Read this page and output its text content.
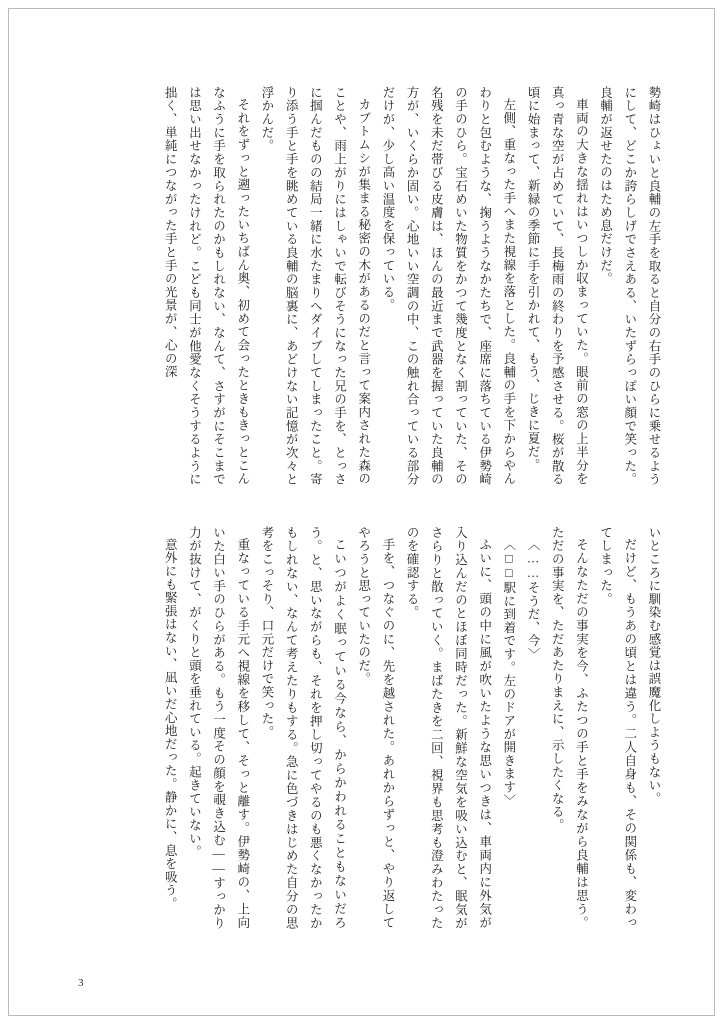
勢崎はひょいと良輔の左手を取ると自分の右手のひらに乗せるようにして、どこか誇らしげでさえある、いたずらっぽい顔で笑った。良輔が返せたのはため息だけだ。

車両の大きな揺れはいつしか収まっていた。眼前の窓の上半分を真っ青な空が占めていて、長梅雨の終わりを予感させる。桜が散る頃に始まって、新緑の季節に手を引かれて、もう、じきに夏だ。

左側、重なった手へまた視線を落とした。良輔の手を下からやんわりと包むような、掬うようなかたちで、座席に落ちている伊勢崎の手のひら。宝石めいた物質をかつて幾度となく割っていた、その名残を未だ帯びる皮膚は、ほんの最近まで武器を握っていた良輔の方が、いくらか固い。心地いい空調の中、この触れ合っている部分だけが、少し高い温度を保っている。

カブトムシが集まる秘密の木があるのだと言って案内された森のことや、雨上がりにはしゃいで転びそうになった兄の手を、とっさに掴んだものの結局一緒に水たまりへダイブしてしまったこと。寄り添う手と手を眺めている良輔の脳裏に、あどけない記憶が次々と浮かんだ。

それをずっと遡ったいちばん奥、初めて会ったときもきっとこんなふうに手を取られたのかもしれない、なんて、さすがにそこまでは思い出せなかったけれど。こども同士が他愛なくそうするように拙く、単純につながった手と手の光景が、心の深

いところに馴染む感覚は誤魔化しようもない。

だけど、もうあの頃とは違う。二人自身も、その関係も、変わってしまった。

そんなただの事実を今、ふたつの手と手をみながら良輔は思う。ただの事実を、ただあたりまえに、示したくなる。

〈……そうだ、今〉

〈□□駅に到着です。左のドアが開きます〉

ふいに、頭の中に風が吹いたような思いつきは、車両内に外気が入り込んだのとほぼ同時だった。新鮮な空気を吸い込むと、眠気がさらりと散っていく。まばたきを二回、視界も思考も澄みわたったのを確認する。

手を、つなぐのに、先を越された。あれからずっと、やり返してやろうと思っていたのだ。

こいつがよく眠っている今なら、からかわれることもないだろう。と、思いながらも、それを押し切ってやるのも悪くなかったかもしれない、なんて考えたりもする。急に色づきはじめた自分の思考をこっそり、口元だけで笑った。

重なっている手元へ視線を移して、そっと離す。伊勢崎の、上向いた白い手のひらがある。もう一度その顔を覗き込む——すっかり力が抜けて、がくりと頭を垂れている。起きていない。

意外にも緊張はない、凪いだ心地だった。静かに、息を吸う。

3
